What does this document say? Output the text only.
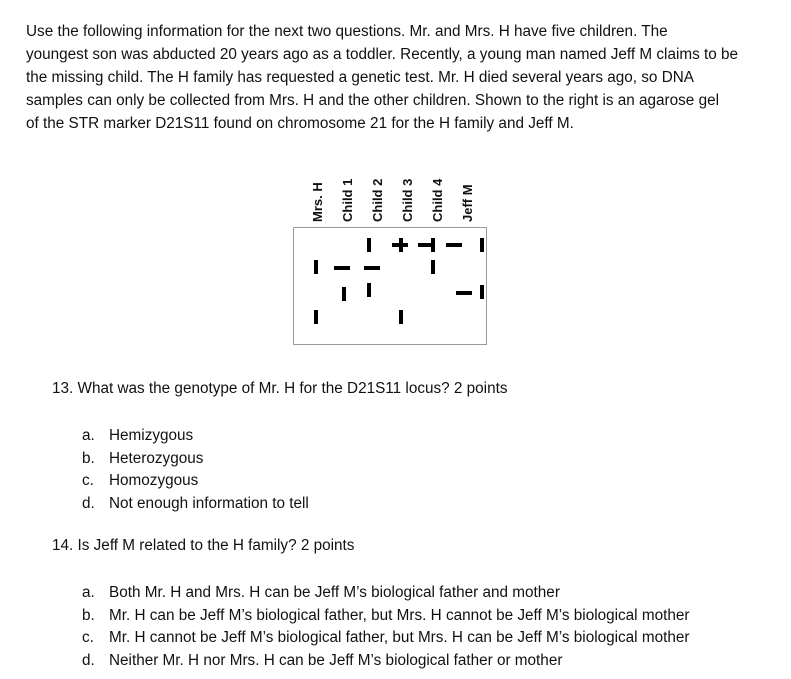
Use the following information for the next two questions. Mr. and Mrs. H have five children. The
youngest son was abducted 20 years ago as a toddler. Recently, a young man named Jeff M claims to be
the missing child. The H family has requested a genetic test. Mr. H died several years ago, so DNA
samples can only be collected from Mrs. H and the other children. Shown to the right is an agarose gel
of the STR marker D21S11 found on chromosome 21 for the H family and Jeff M.

Mrs. H Child 1 Child 2 Child 3 Child 4 Jeff M

13. What was the genotype of Mr. H for the D21S11 locus? 2 points

a. Hemizygous
b. Heterozygous
c. Homozygous
d. Not enough information to tell

14. Is Jeff M related to the H family? 2 points

a. Both Mr. H and Mrs. H can be Jeff M’s biological father and mother
b. Mr. H can be Jeff M’s biological father, but Mrs. H cannot be Jeff M’s biological mother
c. Mr. H cannot be Jeff M’s biological father, but Mrs. H can be Jeff M’s biological mother
d. Neither Mr. H nor Mrs. H can be Jeff M’s biological father or mother
